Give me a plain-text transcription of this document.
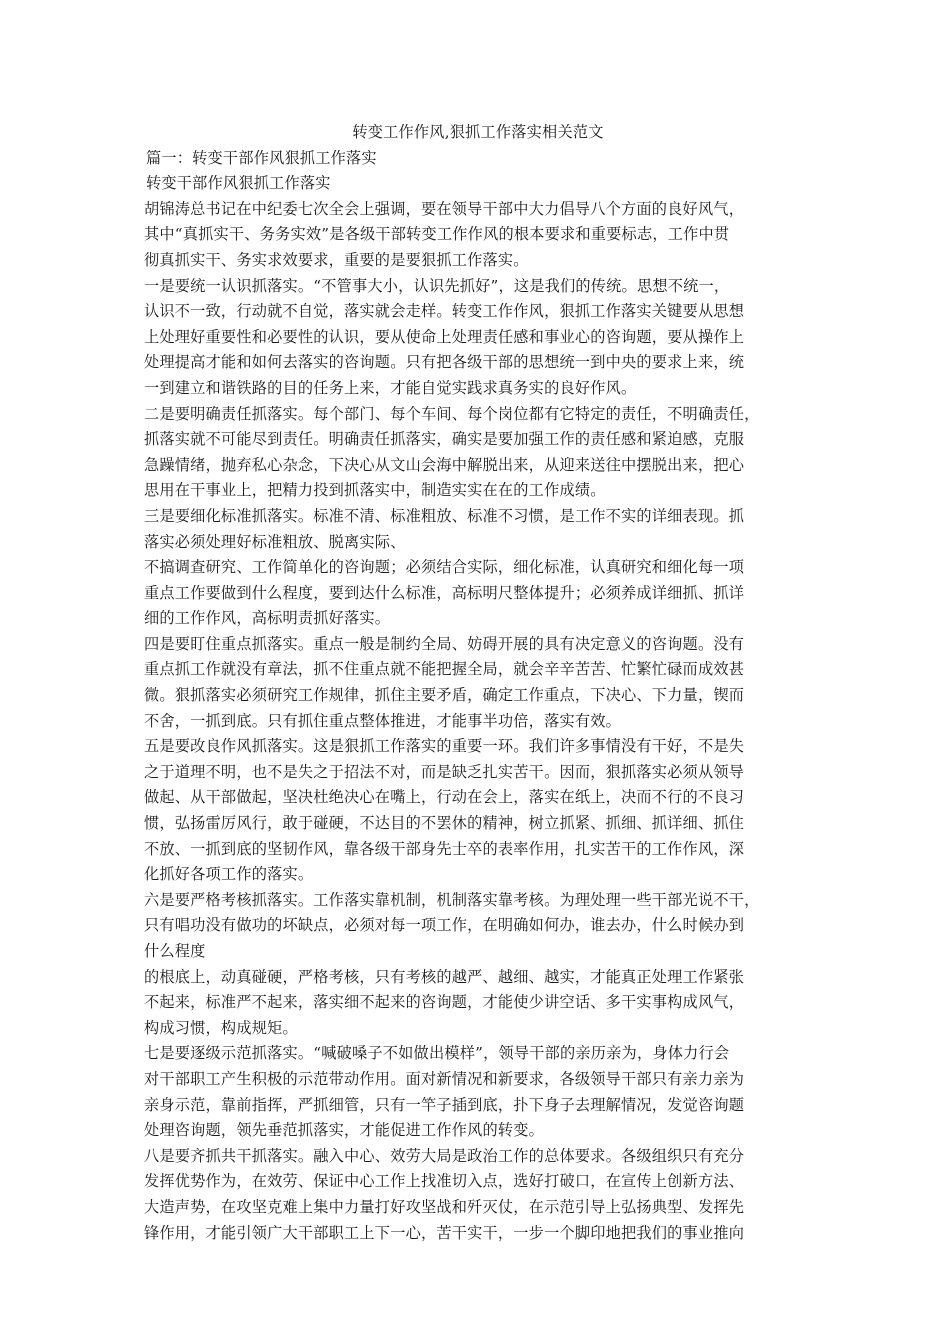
转变工作作风,狠抓工作落实相关范文
篇一：转变干部作风狠抓工作落实
转变干部作风狠抓工作落实
胡锦涛总书记在中纪委七次全会上强调，要在领导干部中大力倡导八个方面的良好风气，
其中“真抓实干、务务实效”是各级干部转变工作作风的根本要求和重要标志，工作中贯
彻真抓实干、务实求效要求，重要的是要狠抓工作落实。
一是要统一认识抓落实。“不管事大小，认识先抓好”，这是我们的传统。思想不统一，
认识不一致，行动就不自觉，落实就会走样。转变工作作风，狠抓工作落实关键要从思想
上处理好重要性和必要性的认识，要从使命上处理责任感和事业心的咨询题，要从操作上
处理提高才能和如何去落实的咨询题。只有把各级干部的思想统一到中央的要求上来，统
一到建立和谐铁路的目的任务上来，才能自觉实践求真务实的良好作风。
二是要明确责任抓落实。每个部门、每个车间、每个岗位都有它特定的责任，不明确责任，
抓落实就不可能尽到责任。明确责任抓落实，确实是要加强工作的责任感和紧迫感，克服
急躁情绪，抛弃私心杂念，下决心从文山会海中解脱出来，从迎来送往中摆脱出来，把心
思用在干事业上，把精力投到抓落实中，制造实实在在的工作成绩。
三是要细化标准抓落实。标准不清、标准粗放、标准不习惯，是工作不实的详细表现。抓
落实必须处理好标准粗放、脱离实际、
不搞调查研究、工作简单化的咨询题；必须结合实际，细化标准，认真研究和细化每一项
重点工作要做到什么程度，要到达什么标准，高标明尺整体提升；必须养成详细抓、抓详
细的工作作风，高标明责抓好落实。
四是要盯住重点抓落实。重点一般是制约全局、妨碍开展的具有决定意义的咨询题。没有
重点抓工作就没有章法，抓不住重点就不能把握全局，就会辛辛苦苦、忙繁忙碌而成效甚
微。狠抓落实必须研究工作规律，抓住主要矛盾，确定工作重点，下决心、下力量，锲而
不舍，一抓到底。只有抓住重点整体推进，才能事半功倍，落实有效。
五是要改良作风抓落实。这是狠抓工作落实的重要一环。我们许多事情没有干好，不是失
之于道理不明，也不是失之于招法不对，而是缺乏扎实苦干。因而，狠抓落实必须从领导
做起、从干部做起，坚决杜绝决心在嘴上，行动在会上，落实在纸上，决而不行的不良习
惯，弘扬雷厉风行，敢于碰硬，不达目的不罢休的精神，树立抓紧、抓细、抓详细、抓住
不放、一抓到底的坚韧作风，靠各级干部身先士卒的表率作用，扎实苦干的工作作风，深
化抓好各项工作的落实。
六是要严格考核抓落实。工作落实靠机制，机制落实靠考核。为理处理一些干部光说不干，
只有唱功没有做功的坏缺点，必须对每一项工作，在明确如何办，谁去办，什么时候办到
什么程度
的根底上，动真碰硬，严格考核，只有考核的越严、越细、越实，才能真正处理工作紧张
不起来，标准严不起来，落实细不起来的咨询题，才能使少讲空话、多干实事构成风气，
构成习惯，构成规矩。
七是要逐级示范抓落实。“喊破嗓子不如做出模样”，领导干部的亲历亲为，身体力行会
对干部职工产生积极的示范带动作用。面对新情况和新要求，各级领导干部只有亲力亲为
亲身示范，靠前指挥，严抓细管，只有一竿子插到底，扑下身子去理解情况，发觉咨询题
处理咨询题，领先垂范抓落实，才能促进工作作风的转变。
八是要齐抓共干抓落实。融入中心、效劳大局是政治工作的总体要求。各级组织只有充分
发挥优势作为，在效劳、保证中心工作上找准切入点，选好打破口，在宣传上创新方法、
大造声势，在攻坚克难上集中力量打好攻坚战和歼灭仗，在示范引导上弘扬典型、发挥先
锋作用，才能引领广大干部职工上下一心，苦干实干，一步一个脚印地把我们的事业推向
